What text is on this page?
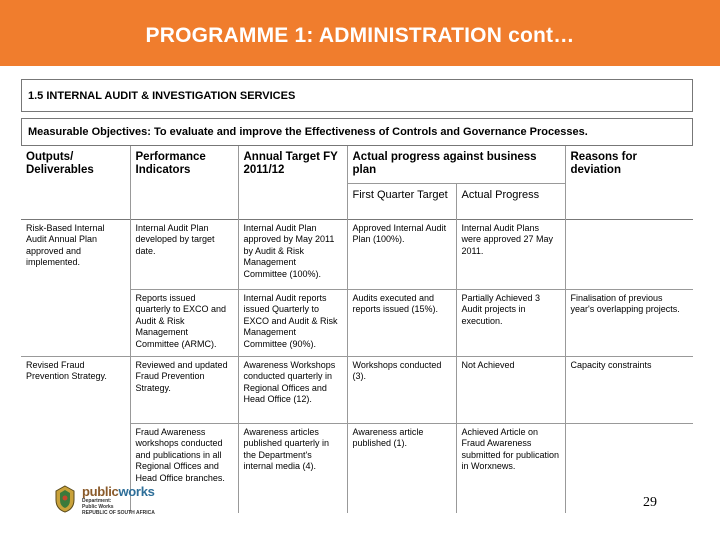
PROGRAMME 1: ADMINISTRATION cont…
1.5 INTERNAL AUDIT & INVESTIGATION SERVICES
Measurable Objectives: To evaluate and improve the Effectiveness of Controls and Governance Processes.
Outputs/ Deliverables	Performance Indicators	Annual Target FY 2011/12	Actual progress against business plan		Reasons for deviation
			First Quarter Target	Actual Progress	
Risk-Based Internal Audit Annual Plan approved and implemented.	Internal Audit Plan developed by target date.	Internal Audit Plan approved by May 2011 by Audit & Risk Management Committee (100%).	Approved Internal Audit Plan (100%).	Internal Audit Plans were approved 27 May 2011.	
	Reports issued quarterly to EXCO and Audit & Risk Management Committee (ARMC).	Internal Audit reports issued Quarterly to EXCO and Audit & Risk Management Committee (90%).	Audits executed and reports issued (15%).	Partially Achieved 3 Audit projects in execution.	Finalisation of previous year's overlapping projects.
Revised Fraud Prevention Strategy.	Reviewed and updated Fraud Prevention Strategy.	Awareness Workshops conducted quarterly in Regional Offices and Head Office (12).	Workshops conducted (3).	Not Achieved	Capacity constraints
	Fraud Awareness workshops conducted and publications in all Regional Offices and Head Office branches.	Awareness articles published quarterly in the Department's internal media (4).	Awareness article published (1).	Achieved Article on Fraud Awareness submitted for publication in Worxnews.	
publicworks
Department:
Public Works
REPUBLIC OF SOUTH AFRICA
29
